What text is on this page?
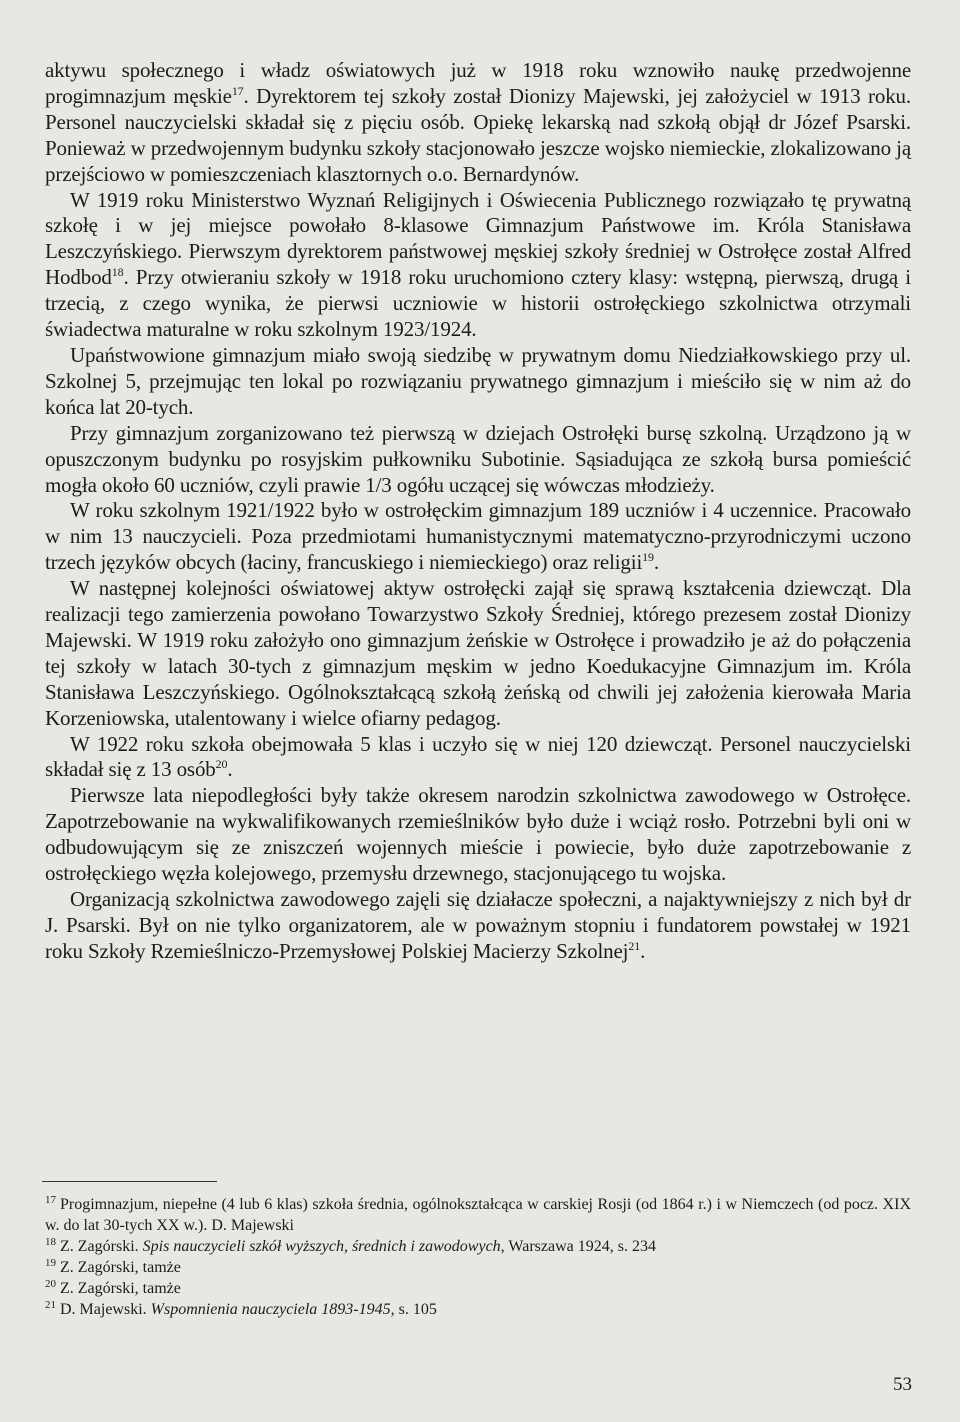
aktywu społecznego i władz oświatowych już w 1918 roku wznowiło naukę przedwojenne progimnazjum męskie$^{17}$. Dyrektorem tej szkoły został Dionizy Majewski, jej założyciel w 1913 roku. Personel nauczycielski składał się z pięciu osób. Opiekę lekarską nad szkołą objął dr Józef Psarski. Ponieważ w przedwojennym budynku szkoły stacjonowało jeszcze wojsko niemieckie, zlokalizowano ją przejściowo w pomieszczeniach klasztornych o.o. Bernardynów.

W 1919 roku Ministerstwo Wyznań Religijnych i Oświecenia Publicznego rozwiązało tę prywatną szkołę i w jej miejsce powołało 8-klasowe Gimnazjum Państwowe im. Króla Stanisława Leszczyńskiego. Pierwszym dyrektorem państwowej męskiej szkoły średniej w Ostrołęce został Alfred Hodbod$^{18}$. Przy otwieraniu szkoły w 1918 roku uruchomiono cztery klasy: wstępną, pierwszą, drugą i trzecią, z czego wynika, że pierwsi uczniowie w historii ostrołęckiego szkolnictwa otrzymali świadectwa maturalne w roku szkolnym 1923/1924.

Upaństwowione gimnazjum miało swoją siedzibę w prywatnym domu Niedziałkowskiego przy ul. Szkolnej 5, przejmując ten lokal po rozwiązaniu prywatnego gimnazjum i mieściło się w nim aż do końca lat 20-tych.

Przy gimnazjum zorganizowano też pierwszą w dziejach Ostrołęki bursę szkolną. Urządzono ją w opuszczonym budynku po rosyjskim pułkowniku Subotinie. Sąsiadująca ze szkołą bursa pomieścić mogła około 60 uczniów, czyli prawie 1/3 ogółu uczącej się wówczas młodzieży.

W roku szkolnym 1921/1922 było w ostrołęckim gimnazjum 189 uczniów i 4 uczennice. Pracowało w nim 13 nauczycieli. Poza przedmiotami humanistycznymi matematyczno-przyrodniczymi uczono trzech języków obcych (łaciny, francuskiego i niemieckiego) oraz religii$^{19}$.

W następnej kolejności oświatowej aktyw ostrołęcki zajął się sprawą kształcenia dziewcząt. Dla realizacji tego zamierzenia powołano Towarzystwo Szkoły Średniej, którego prezesem został Dionizy Majewski. W 1919 roku założyło ono gimnazjum żeńskie w Ostrołęce i prowadziło je aż do połączenia tej szkoły w latach 30-tych z gimnazjum męskim w jedno Koedukacyjne Gimnazjum im. Króla Stanisława Leszczyńskiego. Ogólnokształcącą szkołą żeńską od chwili jej założenia kierowała Maria Korzeniowska, utalentowany i wielce ofiarny pedagog.

W 1922 roku szkoła obejmowała 5 klas i uczyło się w niej 120 dziewcząt. Personel nauczycielski składał się z 13 osób$^{20}$.

Pierwsze lata niepodległości były także okresem narodzin szkolnictwa zawodowego w Ostrołęce. Zapotrzebowanie na wykwalifikowanych rzemieślników było duże i wciąż rosło. Potrzebni byli oni w odbudowującym się ze zniszczeń wojennych mieście i powiecie, było duże zapotrzebowanie z ostrołęckiego węzła kolejowego, przemysłu drzewnego, stacjonującego tu wojska.

Organizacją szkolnictwa zawodowego zajęli się działacze społeczni, a najaktywniejszy z nich był dr J. Psarski. Był on nie tylko organizatorem, ale w poważnym stopniu i fundatorem powstałej w 1921 roku Szkoły Rzemieślniczo-Przemysłowej Polskiej Macierzy Szkolnej$^{21}$.

$^{17}$ Progimnazjum, niepełne (4 lub 6 klas) szkoła średnia, ogólnokształcąca w carskiej Rosji (od 1864 r.) i w Niemczech (od pocz. XIX w. do lat 30-tych XX w.). D. Majewski

$^{18}$ Z. Zagórski. Spis nauczycieli szkół wyższych, średnich i zawodowych, Warszawa 1924, s. 234

$^{19}$ Z. Zagórski, tamże

$^{20}$ Z. Zagórski, tamże

$^{21}$ D. Majewski. Wspomnienia nauczyciela 1893-1945, s. 105

53
